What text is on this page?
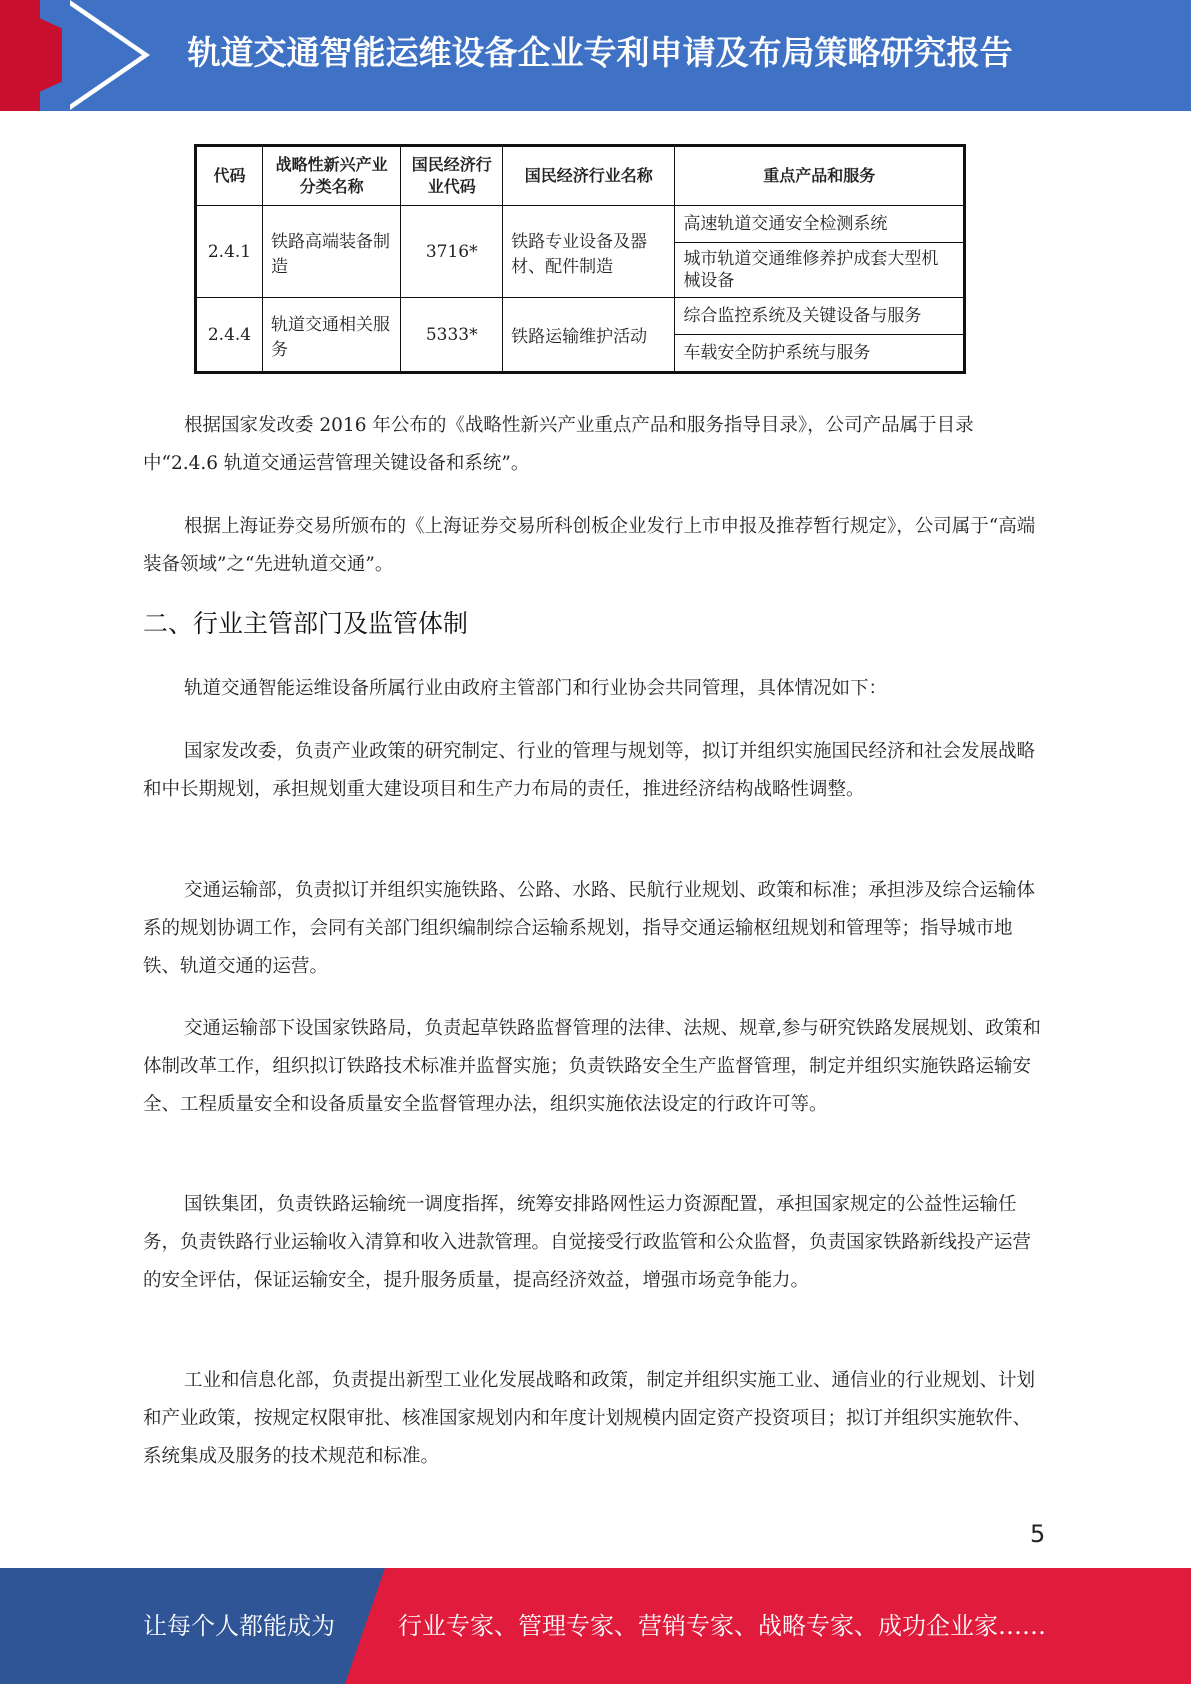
轨道交通智能运维设备企业专利申请及布局策略研究报告
代码	战略性新兴产业分类名称	国民经济行业代码	国民经济行业名称	重点产品和服务
2.4.1	铁路高端装备制造	3716*	铁路专业设备及器材、配件制造	高速轨道交通安全检测系统
				城市轨道交通维修养护成套大型机械设备
2.4.4	轨道交通相关服务	5333*	铁路运输维护活动	综合监控系统及关键设备与服务
				车载安全防护系统与服务
根据国家发改委 2016 年公布的《战略性新兴产业重点产品和服务指导目录》，公司产品属于目录中“2.4.6 轨道交通运营管理关键设备和系统”。
根据上海证券交易所颁布的《上海证券交易所科创板企业发行上市申报及推荐暂行规定》，公司属于“高端装备领域”之“先进轨道交通”。
二、行业主管部门及监管体制
轨道交通智能运维设备所属行业由政府主管部门和行业协会共同管理，具体情况如下：
国家发改委，负责产业政策的研究制定、行业的管理与规划等，拟订并组织实施国民经济和社会发展战略和中长期规划，承担规划重大建设项目和生产力布局的责任，推进经济结构战略性调整。
交通运输部，负责拟订并组织实施铁路、公路、水路、民航行业规划、政策和标准；承担涉及综合运输体系的规划协调工作，会同有关部门组织编制综合运输系规划，指导交通运输枢纽规划和管理等；指导城市地铁、轨道交通的运营。
交通运输部下设国家铁路局，负责起草铁路监督管理的法律、法规、规章,参与研究铁路发展规划、政策和体制改革工作，组织拟订铁路技术标准并监督实施；负责铁路安全生产监督管理，制定并组织实施铁路运输安全、工程质量安全和设备质量安全监督管理办法，组织实施依法设定的行政许可等。
国铁集团，负责铁路运输统一调度指挥，统筹安排路网性运力资源配置，承担国家规定的公益性运输任务，负责铁路行业运输收入清算和收入进款管理。自觉接受行政监管和公众监督，负责国家铁路新线投产运营的安全评估，保证运输安全，提升服务质量，提高经济效益，增强市场竞争能力。
工业和信息化部，负责提出新型工业化发展战略和政策，制定并组织实施工业、通信业的行业规划、计划和产业政策，按规定权限审批、核准国家规划内和年度计划规模内固定资产投资项目；拟订并组织实施软件、系统集成及服务的技术规范和标准。
5
让每个人都能成为	行业专家、管理专家、营销专家、战略专家、成功企业家……
